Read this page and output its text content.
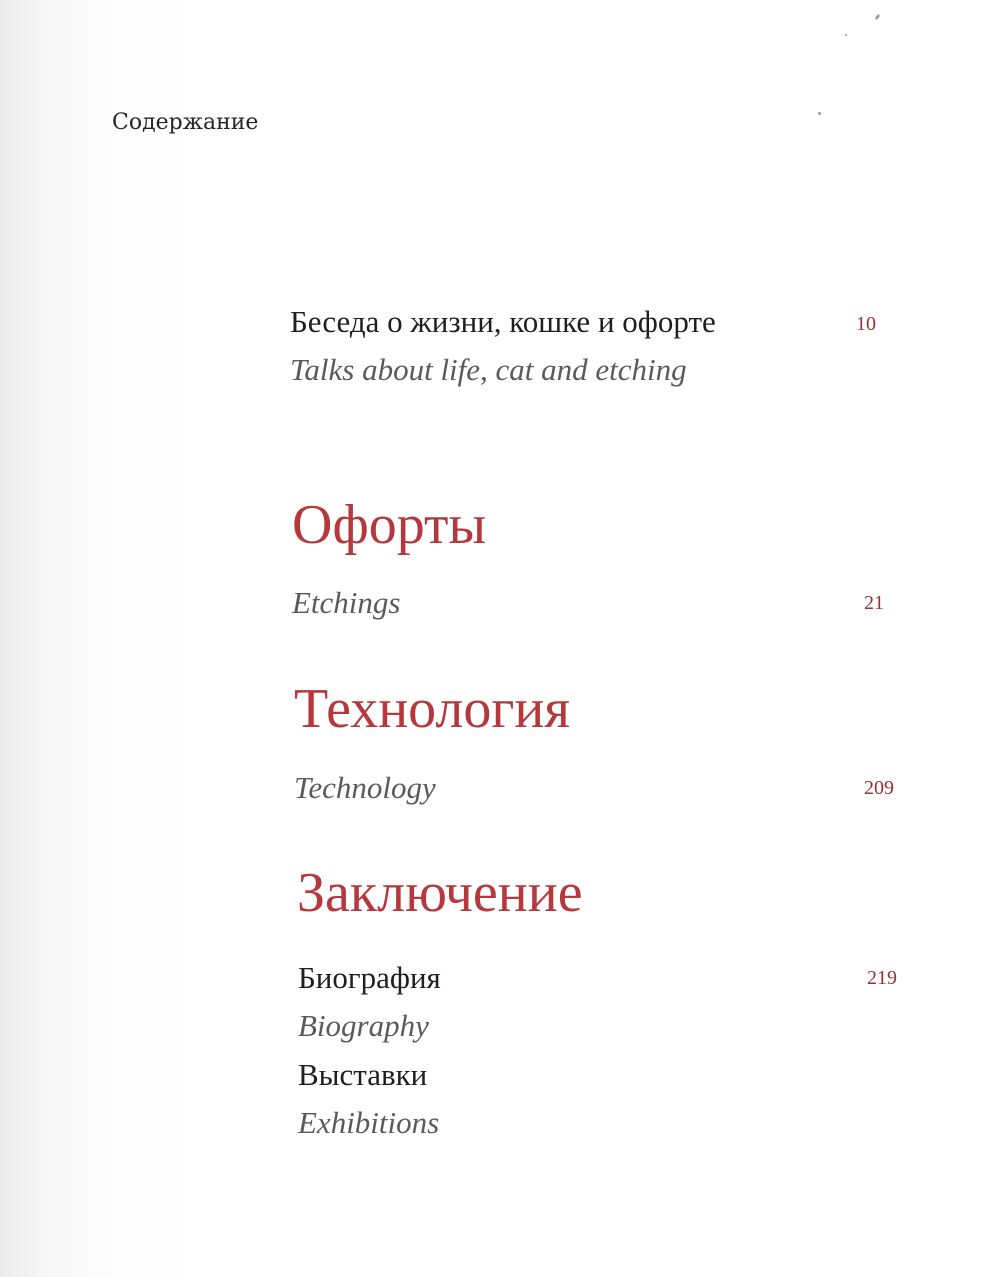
Содержание
Беседа о жизни, кошке и офорте	10
Talks about life, cat and etching
Офорты
Etchings	21
Технология
Technology	209
Заключение
Биография	219
Biography
Выставки
Exhibitions
